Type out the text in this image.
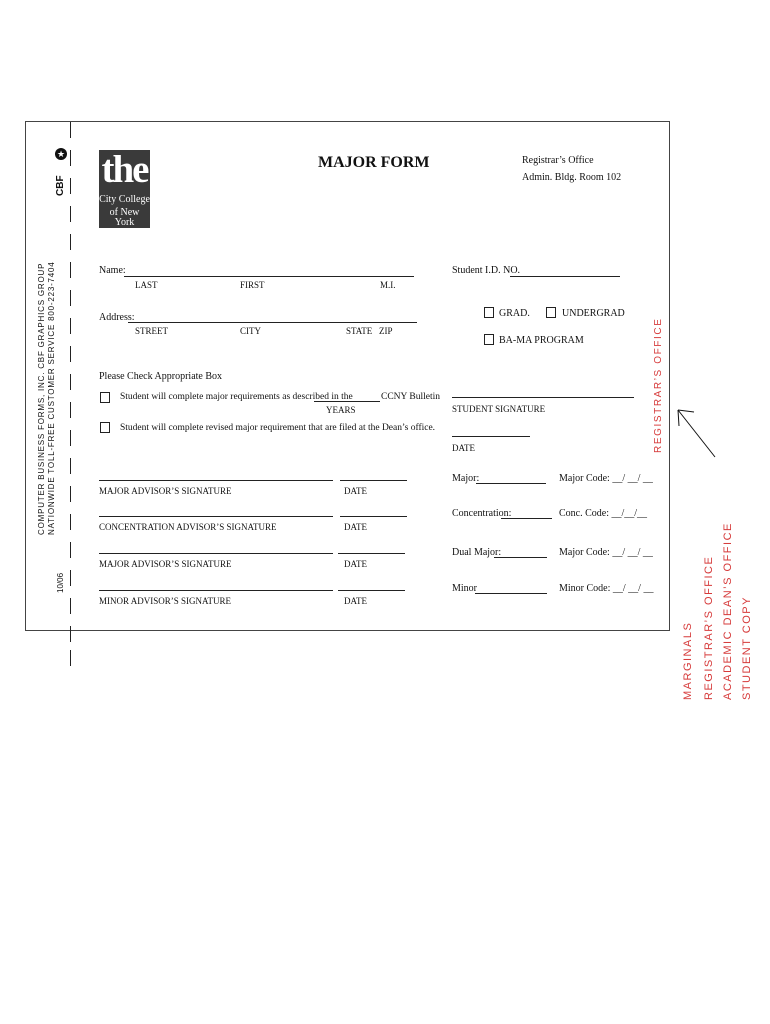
COMPUTER BUSINESS FORMS, INC. CBF GRAPHICS GROUP NATIONWIDE TOLL-FREE CUSTOMER SERVICE 800-223-7404
CBF
★
10/06
the
City College
of New York
MAJOR FORM	Registrar’s Office
Admin. Bldg. Room 102
Name:
LAST	FIRST	M.I.
Student I.D. NO.
Address:
STREET	CITY	STATE ZIP
GRAD.	UNDERGRAD
BA-MA PROGRAM
Please Check Appropriate Box
Student will complete major requirements as described in the	CCNY Bulletin
YEARS
Student will complete revised major requirement that are filed at the Dean’s office.
STUDENT SIGNATURE
DATE
MAJOR ADVISOR’S SIGNATURE	DATE
CONCENTRATION ADVISOR’S SIGNATURE	DATE
MAJOR ADVISOR’S SIGNATURE	DATE
MINOR ADVISOR’S SIGNATURE	DATE
Major:	Major Code: __/ __/ __
Concentration:	Conc. Code: __/__/__
Dual Major:	Major Code: __/ __/ __
Minor	Minor Code: __/ __/ __
REGISTRAR’S OFFICE
MARGINALS REGISTRAR’S OFFICE ACADEMIC DEAN’S OFFICE STUDENT COPY
